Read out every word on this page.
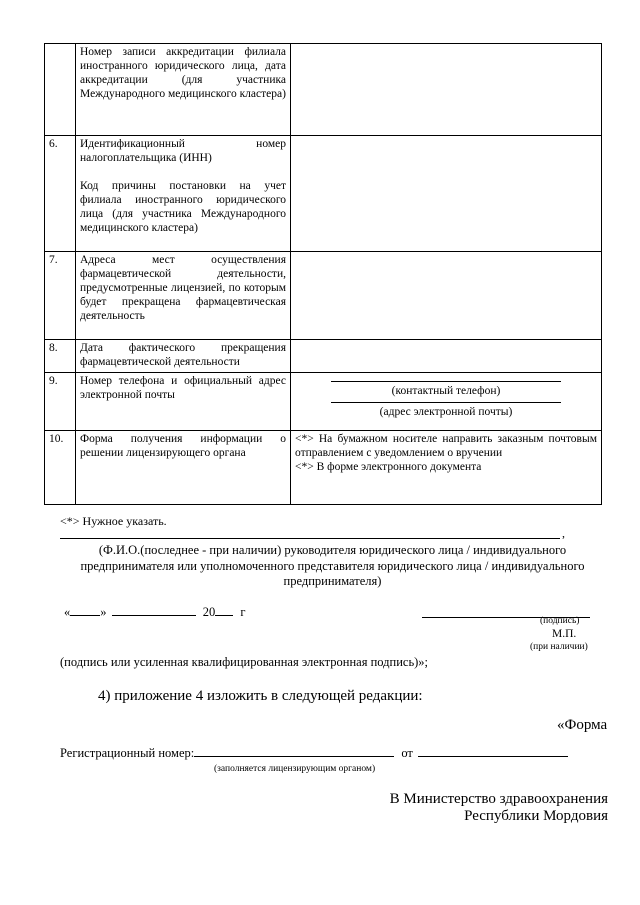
	Номер записи аккредитации филиала иностранного юридического лица, дата аккредитации (для участника Международного медицинского кластера)	
6.	Идентификационный номер налогоплательщика (ИНН)
Код причины постановки на учет филиала иностранного юридического лица (для участника Международного медицинского кластера)	

7.	Адреса мест осуществления фармацевтической деятельности, предусмотренные лицензией, по которым будет прекращена фармацевтическая деятельность	
8.	Дата фактического прекращения фармацевтической деятельности	
9.	Номер телефона и официальный адрес электронной почты	(контактный телефон)
(адрес электронной почты)

10.	Форма получения информации о решении лицензирующего органа	<*> На бумажном носителе направить заказным почтовым отправлением с уведомлением о вручении
<*> В форме электронного документа
<*> Нужное указать.
,
(Ф.И.О.(последнее - при наличии) руководителя юридического лица / индивидуального предпринимателя или уполномоченного представителя юридического лица / индивидуального предпринимателя)
« »	20 г
(подпись)
М.П.
(при наличии)
(подпись или усиленная квалифицированная электронная подпись)»;
4) приложение 4 изложить в следующей редакции:
«Форма
Регистрационный номер:	от
(заполняется лицензирующим органом)
В Министерство здравоохранения
Республики Мордовия
